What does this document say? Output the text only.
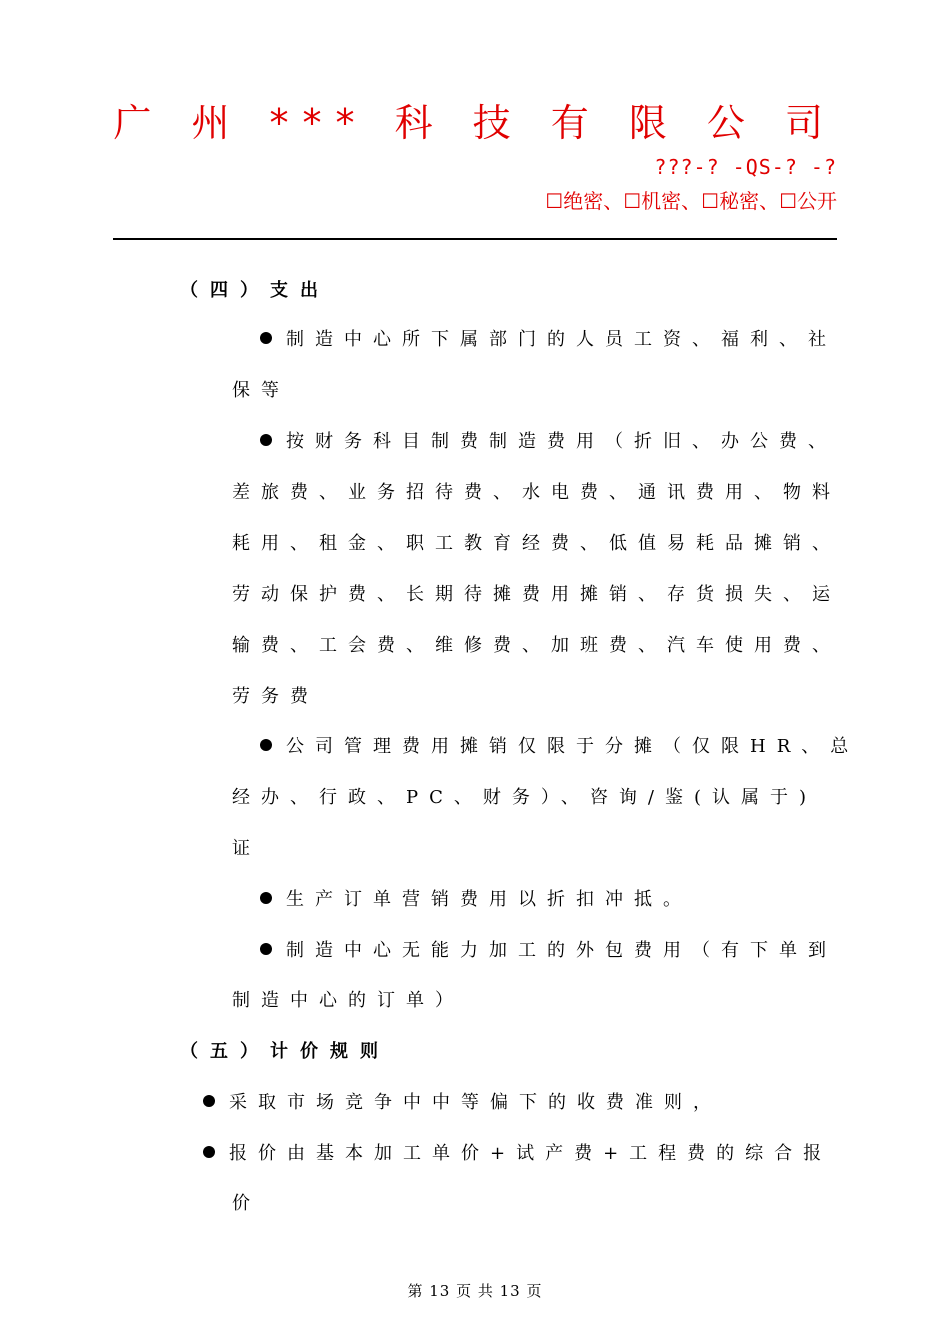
广 州 *** 科 技 有 限 公 司
???-? -QS-? -?
☐绝密、☐机密、☐秘密、☐公开
（四）支出
制造中心所下属部门的人员工资、福利、社
保等
按财务科目制费制造费用（折旧、办公费、
差旅费、业务招待费、水电费、通讯费用、物料
耗用、租金、职工教育经费、低值易耗品摊销、
劳动保护费、长期待摊费用摊销、存货损失、运
输费、工会费、维修费、加班费、汽车使用费、
劳务费
公司管理费用摊销仅限于分摊（仅限HR、总
经办、行政、PC、财务）、咨询/鉴(认属于)
证
生产订单营销费用以折扣冲抵。
制造中心无能力加工的外包费用（有下单到
制造中心的订单）
（五）计价规则
采取市场竞争中中等偏下的收费准则，
报价由基本加工单价+试产费+工程费的综合报
价
第 13 页 共 13 页
